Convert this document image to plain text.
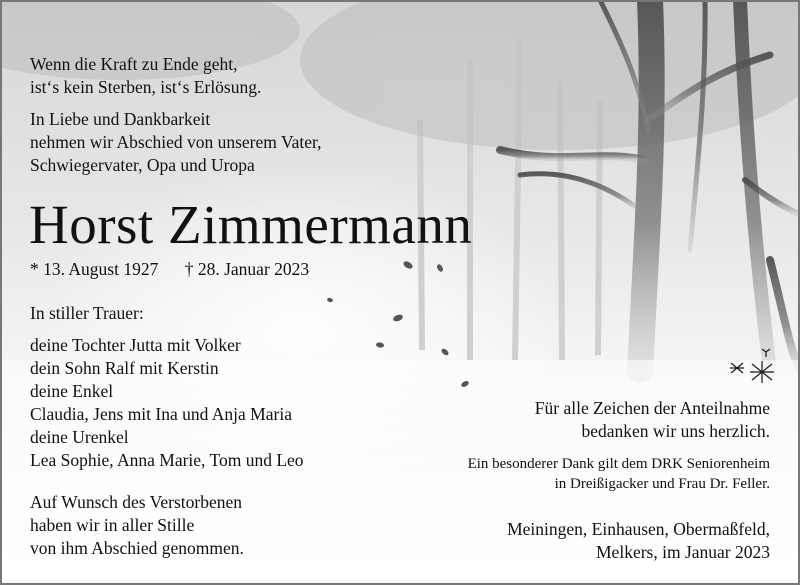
Wenn die Kraft zu Ende geht,
ist‘s kein Sterben, ist‘s Erlösung.
In Liebe und Dankbarkeit
nehmen wir Abschied von unserem Vater,
Schwiegervater, Opa und Uropa
Horst Zimmermann
* 13. August 1927 † 28. Januar 2023
In stiller Trauer:
deine Tochter Jutta mit Volker
dein Sohn Ralf mit Kerstin
deine Enkel
Claudia, Jens mit Ina und Anja Maria
deine Urenkel
Lea Sophie, Anna Marie, Tom und Leo
Auf Wunsch des Verstorbenen
haben wir in aller Stille
von ihm Abschied genommen.
Für alle Zeichen der Anteilnahme
bedanken wir uns herzlich.
Ein besonderer Dank gilt dem DRK Seniorenheim
in Dreißigacker und Frau Dr. Feller.
Meiningen, Einhausen, Obermaßfeld,
Melkers, im Januar 2023
